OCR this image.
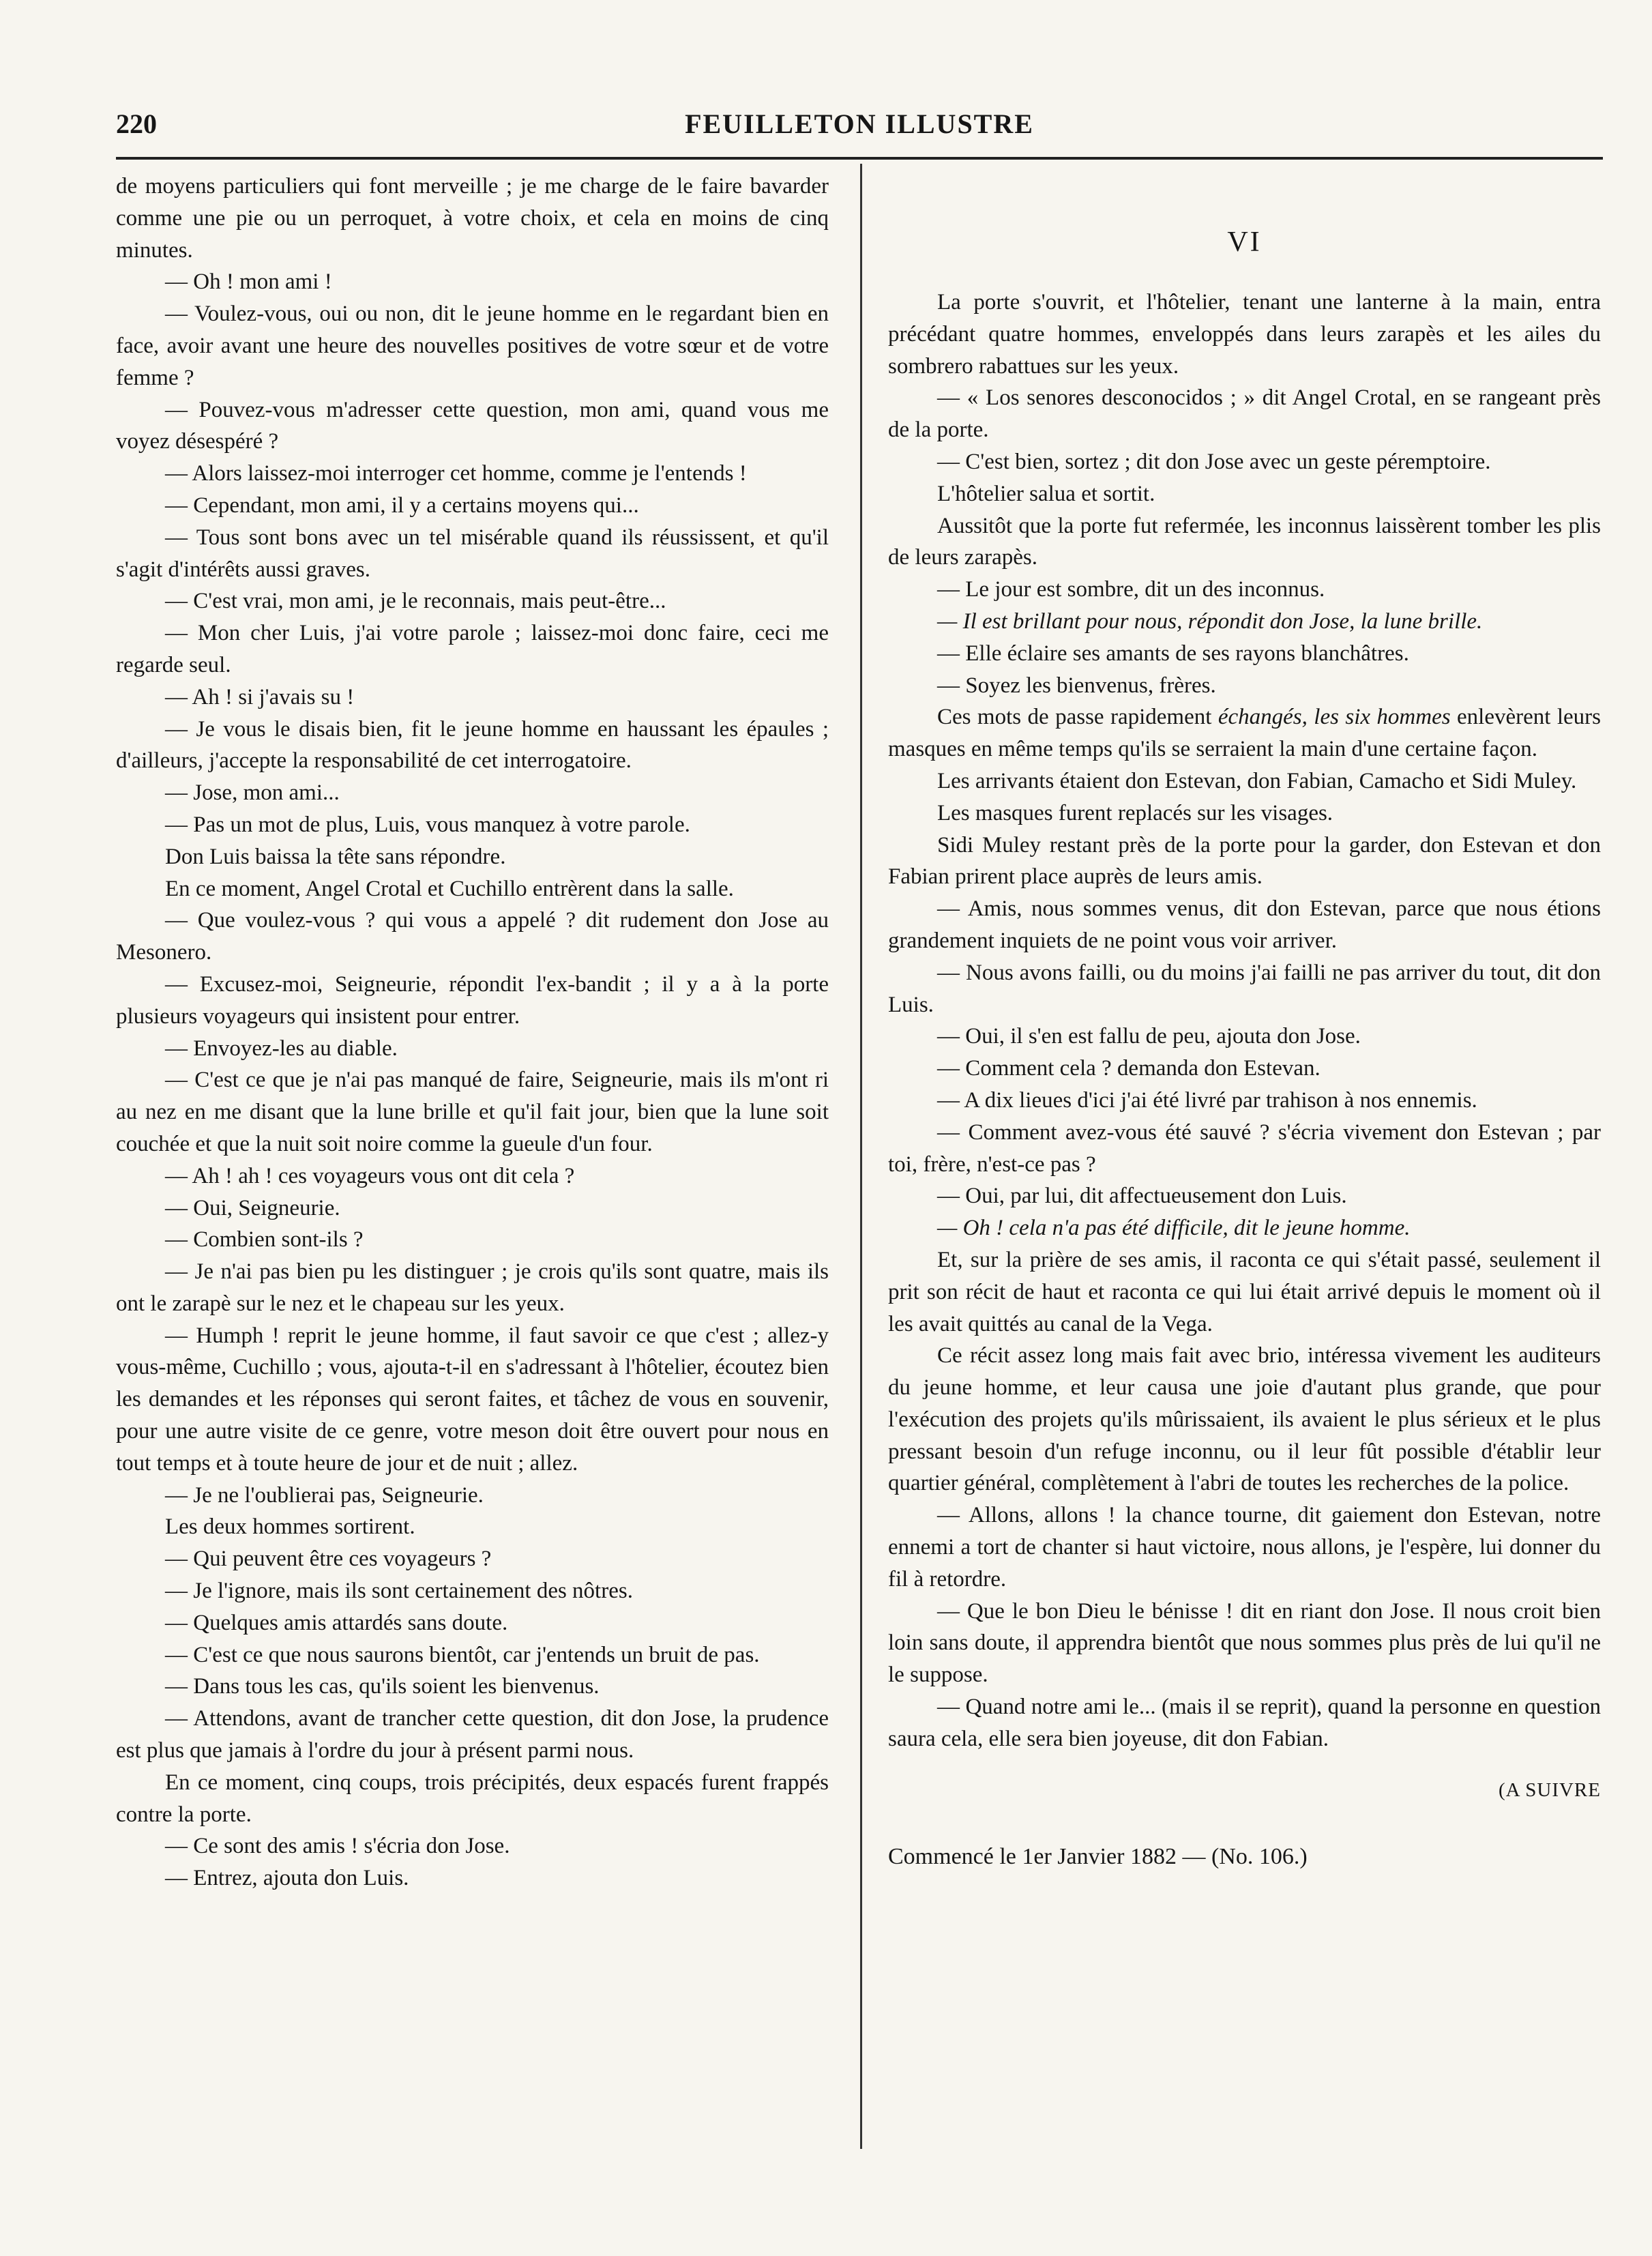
220	FEUILLETON ILLUSTRE

de moyens particuliers qui font merveille ; je me charge de le faire bavarder comme une pie ou un perroquet, à votre choix, et cela en moins de cinq minutes.

— Oh ! mon ami !

— Voulez-vous, oui ou non, dit le jeune homme en le regardant bien en face, avoir avant une heure des nouvelles positives de votre sœur et de votre femme ?

— Pouvez-vous m'adresser cette question, mon ami, quand vous me voyez désespéré ?

— Alors laissez-moi interroger cet homme, comme je l'entends !

— Cependant, mon ami, il y a certains moyens qui...

— Tous sont bons avec un tel misérable quand ils réussissent, et qu'il s'agit d'intérêts aussi graves.

— C'est vrai, mon ami, je le reconnais, mais peut-être...

— Mon cher Luis, j'ai votre parole ; laissez-moi donc faire, ceci me regarde seul.

— Ah ! si j'avais su !

— Je vous le disais bien, fit le jeune homme en haussant les épaules ; d'ailleurs, j'accepte la responsabilité de cet interrogatoire.

— Jose, mon ami...

— Pas un mot de plus, Luis, vous manquez à votre parole.

Don Luis baissa la tête sans répondre.

En ce moment, Angel Crotal et Cuchillo entrèrent dans la salle.

— Que voulez-vous ? qui vous a appelé ? dit rudement don Jose au Mesonero.

— Excusez-moi, Seigneurie, répondit l'ex-bandit ; il y a à la porte plusieurs voyageurs qui insistent pour entrer.

— Envoyez-les au diable.

— C'est ce que je n'ai pas manqué de faire, Seigneurie, mais ils m'ont ri au nez en me disant que la lune brille et qu'il fait jour, bien que la lune soit couchée et que la nuit soit noire comme la gueule d'un four.

— Ah ! ah ! ces voyageurs vous ont dit cela ?

— Oui, Seigneurie.

— Combien sont-ils ?

— Je n'ai pas bien pu les distinguer ; je crois qu'ils sont quatre, mais ils ont le zarapè sur le nez et le chapeau sur les yeux.

— Humph ! reprit le jeune homme, il faut savoir ce que c'est ; allez-y vous-même, Cuchillo ; vous, ajouta-t-il en s'adressant à l'hôtelier, écoutez bien les demandes et les réponses qui seront faites, et tâchez de vous en souvenir, pour une autre visite de ce genre, votre meson doit être ouvert pour nous en tout temps et à toute heure de jour et de nuit ; allez.

— Je ne l'oublierai pas, Seigneurie.

Les deux hommes sortirent.

— Qui peuvent être ces voyageurs ?

— Je l'ignore, mais ils sont certainement des nôtres.

— Quelques amis attardés sans doute.

— C'est ce que nous saurons bientôt, car j'entends un bruit de pas.

— Dans tous les cas, qu'ils soient les bienvenus.

— Attendons, avant de trancher cette question, dit don Jose, la prudence est plus que jamais à l'ordre du jour à présent parmi nous.

En ce moment, cinq coups, trois précipités, deux espacés furent frappés contre la porte.

— Ce sont des amis ! s'écria don Jose.

— Entrez, ajouta don Luis.

VI

La porte s'ouvrit, et l'hôtelier, tenant une lanterne à la main, entra précédant quatre hommes, enveloppés dans leurs zarapès et les ailes du sombrero rabattues sur les yeux.

— « Los senores desconocidos ; » dit Angel Crotal, en se rangeant près de la porte.

— C'est bien, sortez ; dit don Jose avec un geste péremptoire.

L'hôtelier salua et sortit.

Aussitôt que la porte fut refermée, les inconnus laissèrent tomber les plis de leurs zarapès.

— Le jour est sombre, dit un des inconnus.

— Il est brillant pour nous, répondit don Jose, la lune brille.

— Elle éclaire ses amants de ses rayons blanchâtres.

— Soyez les bienvenus, frères.

Ces mots de passe rapidement échangés, les six hommes enlevèrent leurs masques en même temps qu'ils se serraient la main d'une certaine façon.

Les arrivants étaient don Estevan, don Fabian, Camacho et Sidi Muley.

Les masques furent replacés sur les visages.

Sidi Muley restant près de la porte pour la garder, don Estevan et don Fabian prirent place auprès de leurs amis.

— Amis, nous sommes venus, dit don Estevan, parce que nous étions grandement inquiets de ne point vous voir arriver.

— Nous avons failli, ou du moins j'ai failli ne pas arriver du tout, dit don Luis.

— Oui, il s'en est fallu de peu, ajouta don Jose.

— Comment cela ? demanda don Estevan.

— A dix lieues d'ici j'ai été livré par trahison à nos ennemis.

— Comment avez-vous été sauvé ? s'écria vivement don Estevan ; par toi, frère, n'est-ce pas ?

— Oui, par lui, dit affectueusement don Luis.

— Oh ! cela n'a pas été difficile, dit le jeune homme.

Et, sur la prière de ses amis, il raconta ce qui s'était passé, seulement il prit son récit de haut et raconta ce qui lui était arrivé depuis le moment où il les avait quittés au canal de la Vega.

Ce récit assez long mais fait avec brio, intéressa vivement les auditeurs du jeune homme, et leur causa une joie d'autant plus grande, que pour l'exécution des projets qu'ils mûrissaient, ils avaient le plus sérieux et le plus pressant besoin d'un refuge inconnu, ou il leur fût possible d'établir leur quartier général, complètement à l'abri de toutes les recherches de la police.

— Allons, allons ! la chance tourne, dit gaiement don Estevan, notre ennemi a tort de chanter si haut victoire, nous allons, je l'espère, lui donner du fil à retordre.

— Que le bon Dieu le bénisse ! dit en riant don Jose. Il nous croit bien loin sans doute, il apprendra bientôt que nous sommes plus près de lui qu'il ne le suppose.

— Quand notre ami le... (mais il se reprit), quand la personne en question saura cela, elle sera bien joyeuse, dit don Fabian.

(A SUIVRE

Commencé le 1er Janvier 1882 — (No. 106.)
